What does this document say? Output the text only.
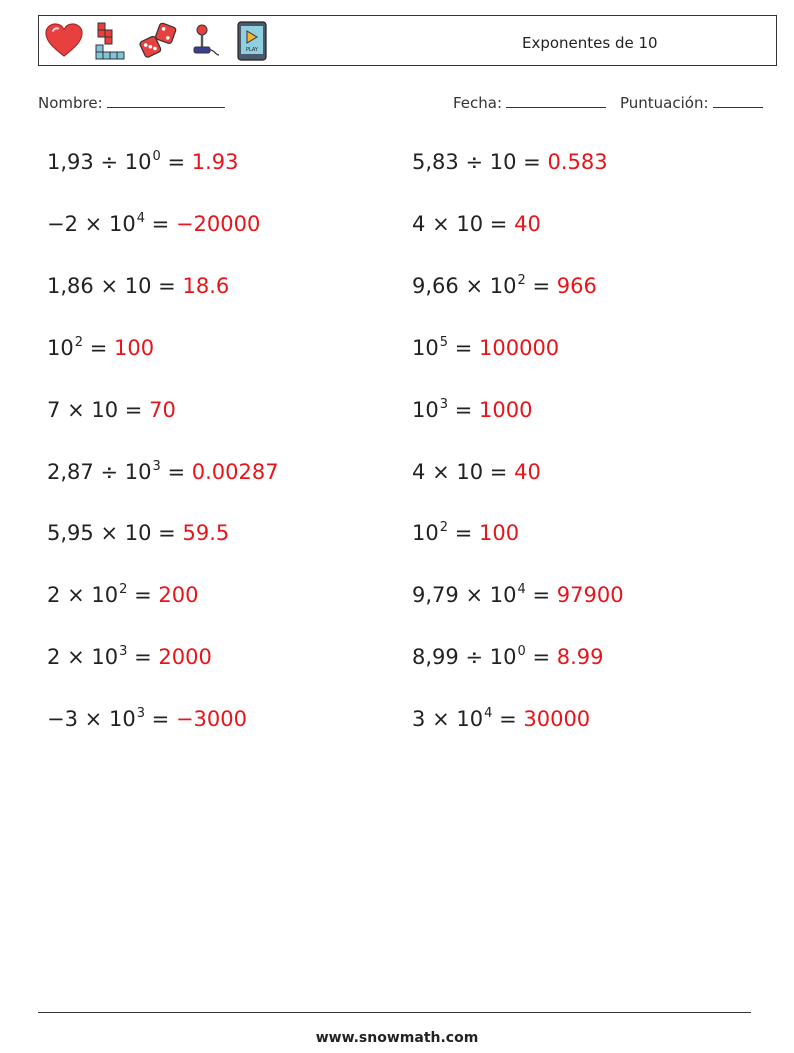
PLAY	Exponentes de 10
Nombre:	Fecha:	Puntuación:
$1,93 \div 10^0 = 1.93$
$-2 \times 10^4 = -20000$
1,86 × 10 = 18.6
$10^2 = 100$
7 × 10 = 70
$2,87 \div 10^3 = 0.00287$
5,95 × 10 = 59.5
$2 \times 10^2 = 200$
$2 \times 10^3 = 2000$
$-3 \times 10^3 = -3000$
5,83 ÷ 10 = 0.583
4 × 10 = 40
$9,66 \times 10^2 = 966$
$10^5 = 100000$
$10^3 = 1000$
4 × 10 = 40
$10^2 = 100$
$9,79 \times 10^4 = 97900$
$8,99 \div 10^0 = 8.99$
$3 \times 10^4 = 30000$
www.snowmath.com
